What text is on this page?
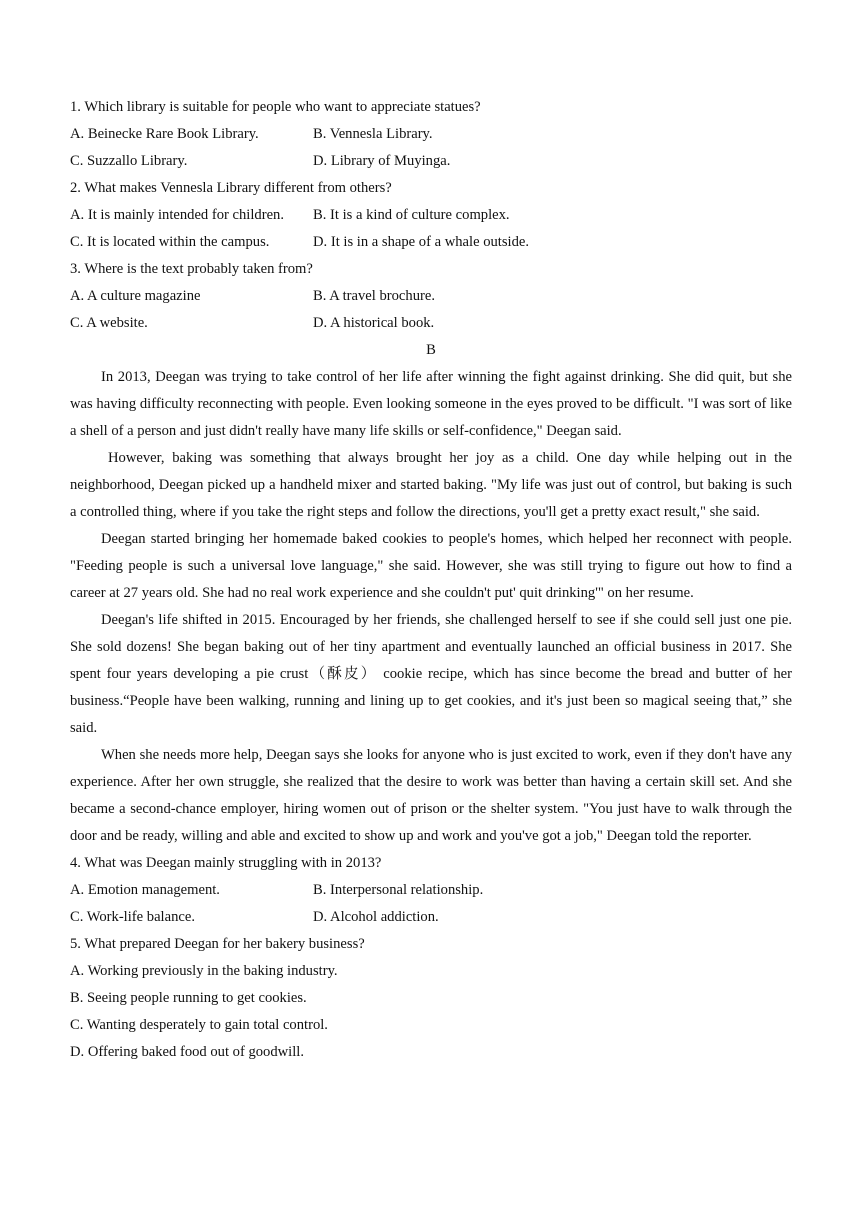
1. Which library is suitable for people who want to appreciate statues?
A. Beinecke Rare Book Library.	B. Vennesla Library.
C. Suzzallo Library.	D. Library of Muyinga.
2. What makes Vennesla Library different from others?
A. It is mainly intended for children.	B. It is a kind of culture complex.
C. It is located within the campus.	D. It is in a shape of a whale outside.
3. Where is the text probably taken from?
A. A culture magazine	B. A travel brochure.
C. A website.	D. A historical book.
B
In 2013, Deegan was trying to take control of her life after winning the fight against drinking. She did quit, but she was having difficulty reconnecting with people. Even looking someone in the eyes proved to be difficult. "I was sort of like a shell of a person and just didn't really have many life skills or self-confidence," Deegan said.
However, baking was something that always brought her joy as a child. One day while helping out in the neighborhood, Deegan picked up a handheld mixer and started baking. "My life was just out of control, but baking is such a controlled thing, where if you take the right steps and follow the directions, you'll get a pretty exact result," she said.
Deegan started bringing her homemade baked cookies to people's homes, which helped her reconnect with people. "Feeding people is such a universal love language," she said. However, she was still trying to figure out how to find a career at 27 years old. She had no real work experience and she couldn't put' quit drinking'" on her resume.
Deegan's life shifted in 2015. Encouraged by her friends, she challenged herself to see if she could sell just one pie. She sold dozens! She began baking out of her tiny apartment and eventually launched an official business in 2017. She spent four years developing a pie crust（酥皮） cookie recipe, which has since become the bread and butter of her business.“People have been walking, running and lining up to get cookies, and it's just been so magical seeing that,” she said.
When she needs more help, Deegan says she looks for anyone who is just excited to work, even if they don't have any experience. After her own struggle, she realized that the desire to work was better than having a certain skill set. And she became a second-chance employer, hiring women out of prison or the shelter system. "You just have to walk through the door and be ready, willing and able and excited to show up and work and you've got a job," Deegan told the reporter.
4. What was Deegan mainly struggling with in 2013?
A. Emotion management.	B. Interpersonal relationship.
C. Work-life balance.	D. Alcohol addiction.
5. What prepared Deegan for her bakery business?
A. Working previously in the baking industry.
B. Seeing people running to get cookies.
C. Wanting desperately to gain total control.
D. Offering baked food out of goodwill.
